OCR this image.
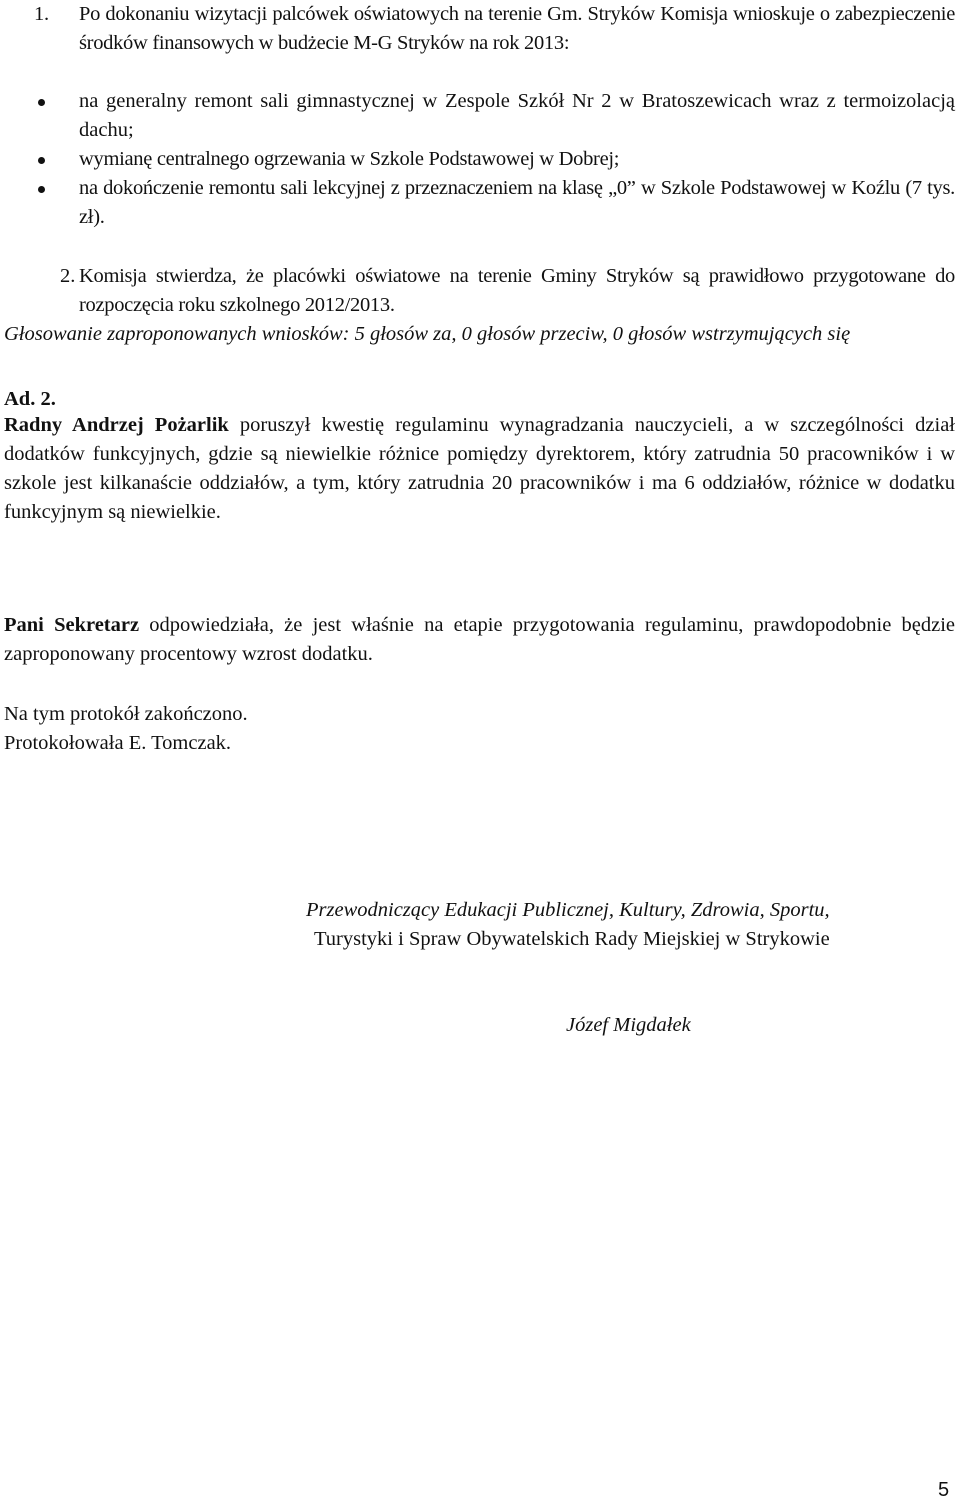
1. Po dokonaniu wizytacji palcówek oświatowych na terenie Gm. Stryków Komisja wnioskuje o zabezpieczenie środków finansowych w budżecie M-G Stryków na rok 2013:
na generalny remont sali gimnastycznej w Zespole Szkół Nr 2 w Bratoszewicach wraz z termoizolacją dachu;
wymianę centralnego ogrzewania w Szkole Podstawowej w Dobrej;
na dokończenie remontu sali lekcyjnej z przeznaczeniem na klasę „0” w Szkole Podstawowej w Koźlu (7 tys. zł).
2. Komisja stwierdza, że placówki oświatowe na terenie Gminy Stryków są prawidłowo przygotowane do rozpoczęcia roku szkolnego 2012/2013.
Głosowanie zaproponowanych wniosków: 5 głosów za, 0 głosów przeciw, 0 głosów wstrzymujących się
Ad. 2.
Radny Andrzej Pożarlik poruszył kwestię regulaminu wynagradzania nauczycieli, a w szczególności dział dodatków funkcyjnych, gdzie są niewielkie różnice pomiędzy dyrektorem, który zatrudnia 50 pracowników i w szkole jest kilkanaście oddziałów, a tym, który zatrudnia 20 pracowników i ma 6 oddziałów, różnice w dodatku funkcyjnym są niewielkie.
Pani Sekretarz odpowiedziała, że jest właśnie na etapie przygotowania regulaminu, prawdopodobnie będzie zaproponowany procentowy wzrost dodatku.
Na tym protokół zakończono.
Protokołowała E. Tomczak.
Przewodniczący Edukacji Publicznej, Kultury, Zdrowia, Sportu,
Turystyki i Spraw Obywatelskich Rady Miejskiej w Strykowie
Józef Migdałek
5
